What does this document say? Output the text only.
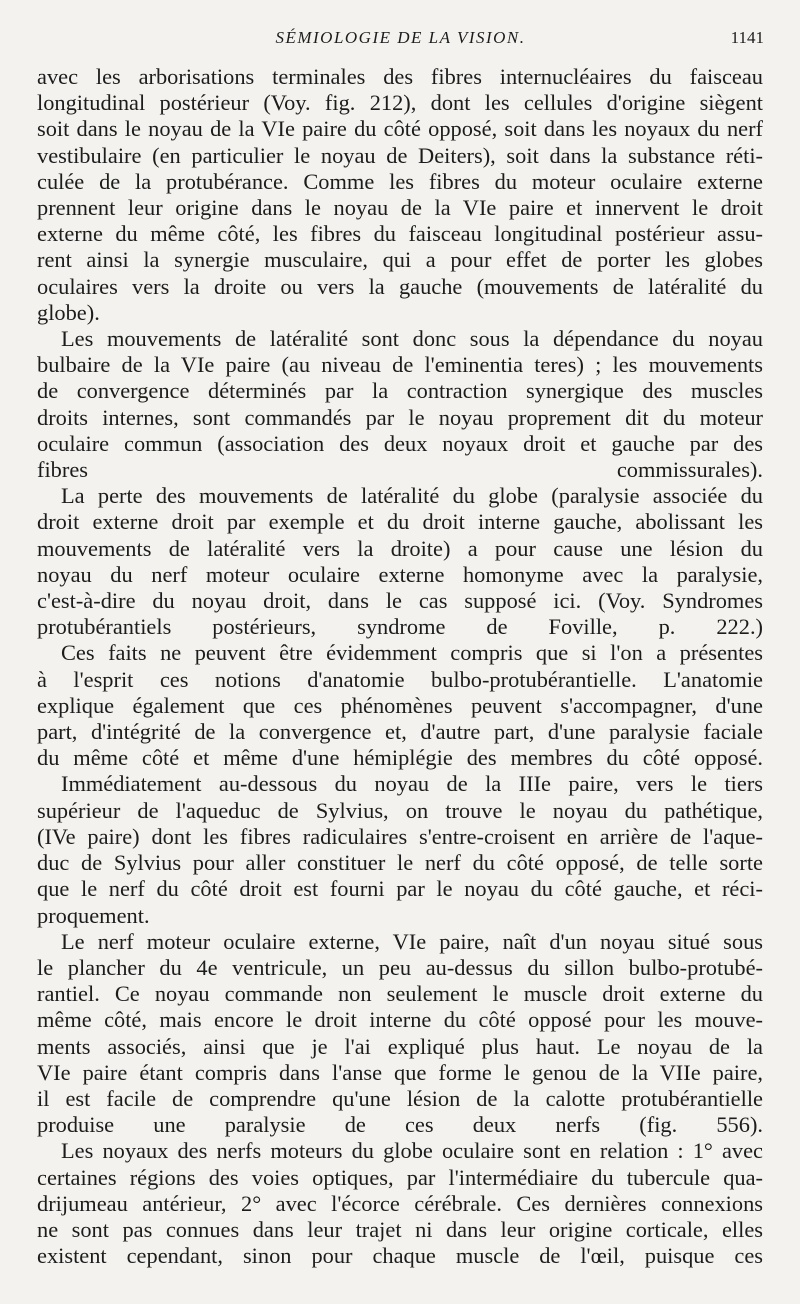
SÉMIOLOGIE DE LA VISION.	1141
avec les arborisations terminales des fibres internucléaires du faisceau
longitudinal postérieur (Voy. fig. 212), dont les cellules d'origine siègent
soit dans le noyau de la VIe paire du côté opposé, soit dans les noyaux du nerf
vestibulaire (en particulier le noyau de Deiters), soit dans la substance réti-
culée de la protubérance. Comme les fibres du moteur oculaire externe
prennent leur origine dans le noyau de la VIe paire et innervent le droit
externe du même côté, les fibres du faisceau longitudinal postérieur assu-
rent ainsi la synergie musculaire, qui a pour effet de porter les globes
oculaires vers la droite ou vers la gauche (mouvements de latéralité du
globe).
Les mouvements de latéralité sont donc sous la dépendance du noyau
bulbaire de la VIe paire (au niveau de l'eminentia teres) ; les mouvements
de convergence déterminés par la contraction synergique des muscles
droits internes, sont commandés par le noyau proprement dit du moteur
oculaire commun (association des deux noyaux droit et gauche par des
fibres commissurales).
La perte des mouvements de latéralité du globe (paralysie associée du
droit externe droit par exemple et du droit interne gauche, abolissant les
mouvements de latéralité vers la droite) a pour cause une lésion du
noyau du nerf moteur oculaire externe homonyme avec la paralysie,
c'est-à-dire du noyau droit, dans le cas supposé ici. (Voy. Syndromes
protubérantiels postérieurs, syndrome de Foville, p. 222.)
Ces faits ne peuvent être évidemment compris que si l'on a présentes
à l'esprit ces notions d'anatomie bulbo-protubérantielle. L'anatomie
explique également que ces phénomènes peuvent s'accompagner, d'une
part, d'intégrité de la convergence et, d'autre part, d'une paralysie faciale
du même côté et même d'une hémiplégie des membres du côté opposé.
Immédiatement au-dessous du noyau de la IIIe paire, vers le tiers
supérieur de l'aqueduc de Sylvius, on trouve le noyau du pathétique,
(IVe paire) dont les fibres radiculaires s'entre-croisent en arrière de l'aque-
duc de Sylvius pour aller constituer le nerf du côté opposé, de telle sorte
que le nerf du côté droit est fourni par le noyau du côté gauche, et réci-
proquement.
Le nerf moteur oculaire externe, VIe paire, naît d'un noyau situé sous
le plancher du 4e ventricule, un peu au-dessus du sillon bulbo-protubé-
rantiel. Ce noyau commande non seulement le muscle droit externe du
même côté, mais encore le droit interne du côté opposé pour les mouve-
ments associés, ainsi que je l'ai expliqué plus haut. Le noyau de la
VIe paire étant compris dans l'anse que forme le genou de la VIIe paire,
il est facile de comprendre qu'une lésion de la calotte protubérantielle
produise une paralysie de ces deux nerfs (fig. 556).
Les noyaux des nerfs moteurs du globe oculaire sont en relation : 1° avec
certaines régions des voies optiques, par l'intermédiaire du tubercule qua-
drijumeau antérieur, 2° avec l'écorce cérébrale. Ces dernières connexions
ne sont pas connues dans leur trajet ni dans leur origine corticale, elles
existent cependant, sinon pour chaque muscle de l'œil, puisque ces
